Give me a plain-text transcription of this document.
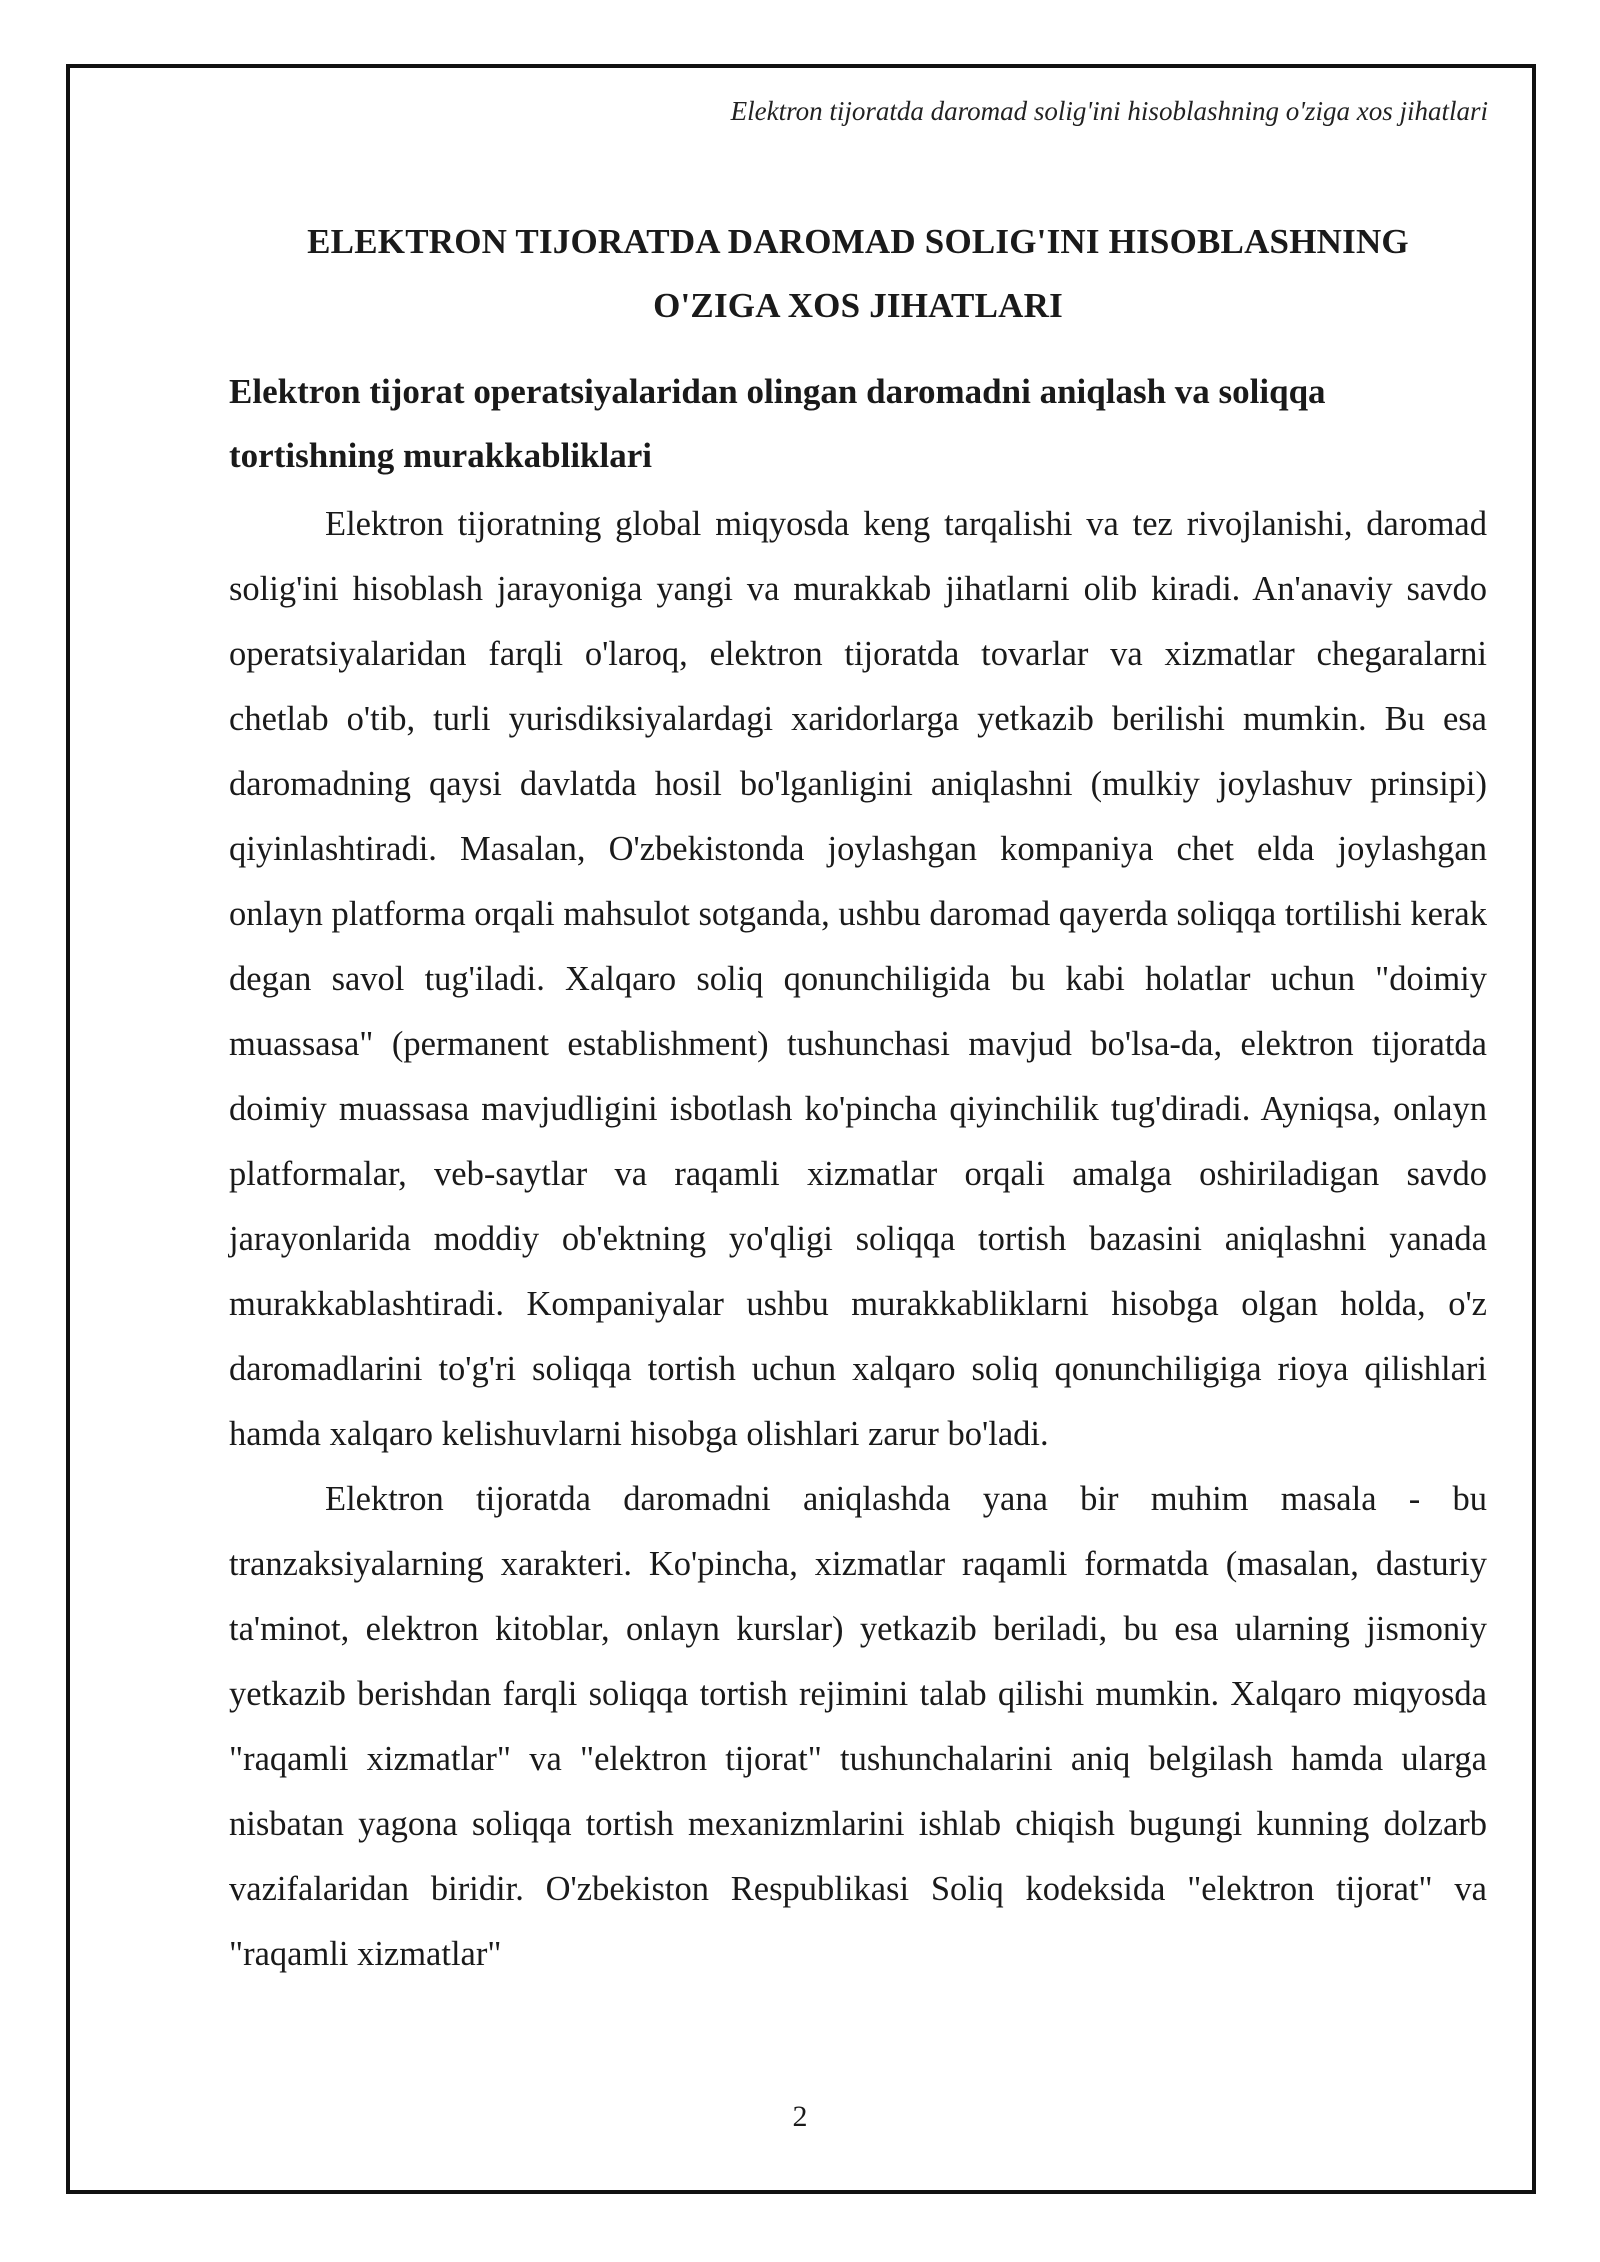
Elektron tijoratda daromad solig'ini hisoblashning o'ziga xos jihatlari
ELEKTRON TIJORATDA DAROMAD SOLIG'INI HISOBLASHNING
O'ZIGA XOS JIHATLARI
Elektron tijorat operatsiyalaridan olingan daromadni aniqlash va soliqqa tortishning murakkabliklari

Elektron tijoratning global miqyosda keng tarqalishi va tez rivojlanishi, daromad solig'ini hisoblash jarayoniga yangi va murakkab jihatlarni olib kiradi. An'anaviy savdo operatsiyalaridan farqli o'laroq, elektron tijoratda tovarlar va xizmatlar chegaralarni chetlab o'tib, turli yurisdiksiyalardagi xaridorlarga yetkazib berilishi mumkin. Bu esa daromadning qaysi davlatda hosil bo'lganligini aniqlashni (mulkiy joylashuv prinsipi) qiyinlashtiradi. Masalan, O'zbekistonda joylashgan kompaniya chet elda joylashgan onlayn platforma orqali mahsulot sotganda, ushbu daromad qayerda soliqqa tortilishi kerak degan savol tug'iladi. Xalqaro soliq qonunchiligida bu kabi holatlar uchun "doimiy muassasa" (permanent establishment) tushunchasi mavjud bo'lsa-da, elektron tijoratda doimiy muassasa mavjudligini isbotlash ko'pincha qiyinchilik tug'diradi. Ayniqsa, onlayn platformalar, veb-saytlar va raqamli xizmatlar orqali amalga oshiriladigan savdo jarayonlarida moddiy ob'ektning yo'qligi soliqqa tortish bazasini aniqlashni yanada murakkablashtiradi. Kompaniyalar ushbu murakkabliklarni hisobga olgan holda, o'z daromadlarini to'g'ri soliqqa tortish uchun xalqaro soliq qonunchiligiga rioya qilishlari hamda xalqaro kelishuvlarni hisobga olishlari zarur bo'ladi.

Elektron tijoratda daromadni aniqlashda yana bir muhim masala - bu tranzaksiyalarning xarakteri. Ko'pincha, xizmatlar raqamli formatda (masalan, dasturiy ta'minot, elektron kitoblar, onlayn kurslar) yetkazib beriladi, bu esa ularning jismoniy yetkazib berishdan farqli soliqqa tortish rejimini talab qilishi mumkin. Xalqaro miqyosda "raqamli xizmatlar" va "elektron tijorat" tushunchalarini aniq belgilash hamda ularga nisbatan yagona soliqqa tortish mexanizmlarini ishlab chiqish bugungi kunning dolzarb vazifalaridan biridir. O'zbekiston Respublikasi Soliq kodeksida "elektron tijorat" va "raqamli xizmatlar"

2
